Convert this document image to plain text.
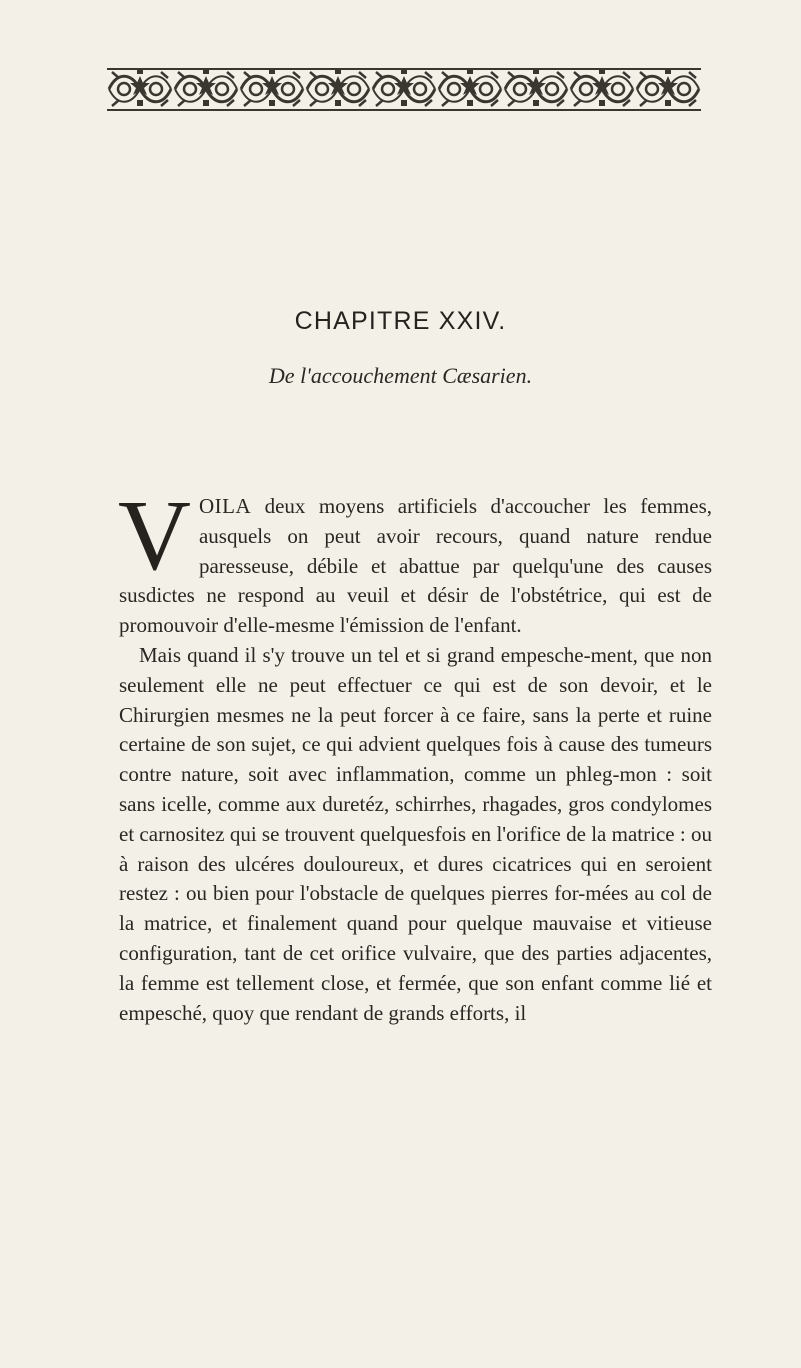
CHAPITRE XXIV.
De l'accouchement Cæsarien.

VOILA deux moyens artificiels d'accoucher les femmes, ausquels on peut avoir recours, quand nature rendue paresseuse, débile et abattue par quelqu'une des causes susdictes ne respond au veuil et désir de l'obstétrice, qui est de promouvoir d'elle-mesme l'émission de l'enfant.

Mais quand il s'y trouve un tel et si grand empesche-ment, que non seulement elle ne peut effectuer ce qui est de son devoir, et le Chirurgien mesmes ne la peut forcer à ce faire, sans la perte et ruine certaine de son sujet, ce qui advient quelques fois à cause des tumeurs contre nature, soit avec inflammation, comme un phleg-mon : soit sans icelle, comme aux duretéz, schirrhes, rhagades, gros condylomes et carnositez qui se trouvent quelquesfois en l'orifice de la matrice : ou à raison des ulcéres douloureux, et dures cicatrices qui en seroient restez : ou bien pour l'obstacle de quelques pierres for-mées au col de la matrice, et finalement quand pour quelque mauvaise et vitieuse configuration, tant de cet orifice vulvaire, que des parties adjacentes, la femme est tellement close, et fermée, que son enfant comme lié et empesché, quoy que rendant de grands efforts, il
